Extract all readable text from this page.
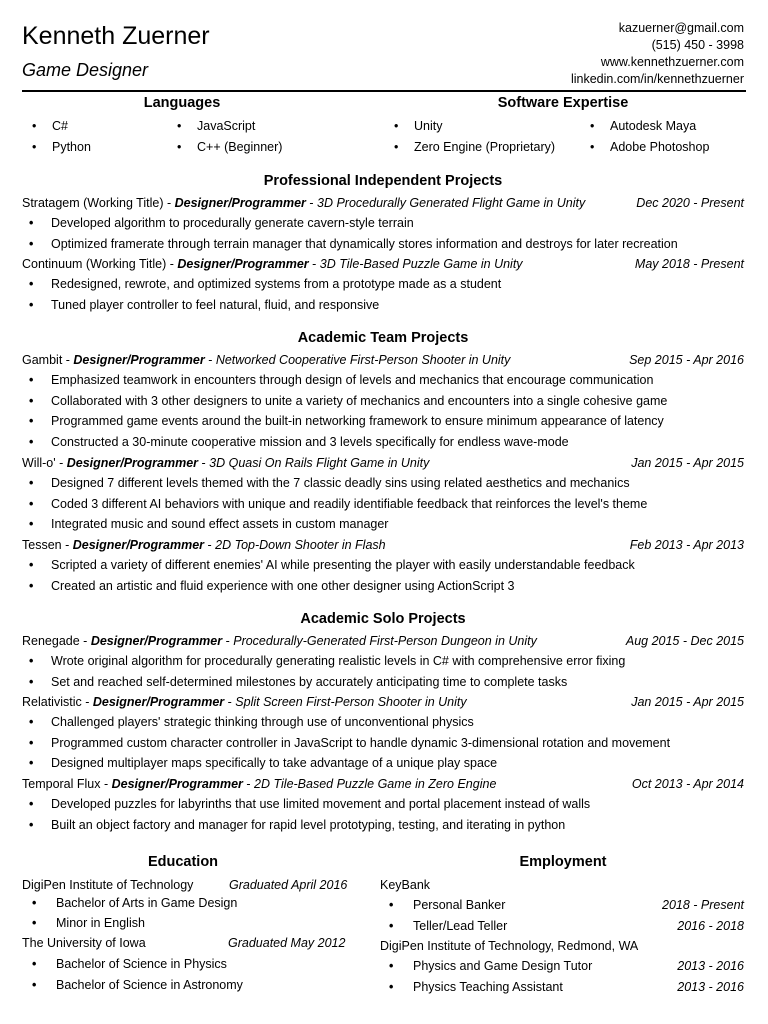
Kenneth Zuerner
Game Designer
kazuerner@gmail.com
(515) 450 - 3998
www.kennethzuerner.com
linkedin.com/in/kennethzuerner
Languages
• C#	• JavaScript
• Python	• C++ (Beginner)
Software Expertise
• Unity	• Autodesk Maya
• Zero Engine (Proprietary)	• Adobe Photoshop
Professional Independent Projects
Stratagem (Working Title) - Designer/Programmer - 3D Procedurally Generated Flight Game in Unity	Dec 2020 - Present
• Developed algorithm to procedurally generate cavern-style terrain
• Optimized framerate through terrain manager that dynamically stores information and destroys for later recreation
Continuum (Working Title) - Designer/Programmer - 3D Tile-Based Puzzle Game in Unity	May 2018 - Present
• Redesigned, rewrote, and optimized systems from a prototype made as a student
• Tuned player controller to feel natural, fluid, and responsive
Academic Team Projects
Gambit - Designer/Programmer - Networked Cooperative First-Person Shooter in Unity	Sep 2015 - Apr 2016
• Emphasized teamwork in encounters through design of levels and mechanics that encourage communication
• Collaborated with 3 other designers to unite a variety of mechanics and encounters into a single cohesive game
• Programmed game events around the built-in networking framework to ensure minimum appearance of latency
• Constructed a 30-minute cooperative mission and 3 levels specifically for endless wave-mode
Will-o' - Designer/Programmer - 3D Quasi On Rails Flight Game in Unity	Jan 2015 - Apr 2015
• Designed 7 different levels themed with the 7 classic deadly sins using related aesthetics and mechanics
• Coded 3 different AI behaviors with unique and readily identifiable feedback that reinforces the level's theme
• Integrated music and sound effect assets in custom manager
Tessen - Designer/Programmer - 2D Top-Down Shooter in Flash	Feb 2013 - Apr 2013
• Scripted a variety of different enemies' AI while presenting the player with easily understandable feedback
• Created an artistic and fluid experience with one other designer using ActionScript 3
Academic Solo Projects
Renegade - Designer/Programmer - Procedurally-Generated First-Person Dungeon in Unity	Aug 2015 - Dec 2015
• Wrote original algorithm for procedurally generating realistic levels in C# with comprehensive error fixing
• Set and reached self-determined milestones by accurately anticipating time to complete tasks
Relativistic - Designer/Programmer - Split Screen First-Person Shooter in Unity	Jan 2015 - Apr 2015
• Challenged players' strategic thinking through use of unconventional physics
• Programmed custom character controller in JavaScript to handle dynamic 3-dimensional rotation and movement
• Designed multiplayer maps specifically to take advantage of a unique play space
Temporal Flux - Designer/Programmer - 2D Tile-Based Puzzle Game in Zero Engine	Oct 2013 - Apr 2014
• Developed puzzles for labyrinths that use limited movement and portal placement instead of walls
• Built an object factory and manager for rapid level prototyping, testing, and iterating in python
Education
DigiPen Institute of Technology	Graduated April 2016
• Bachelor of Arts in Game Design
• Minor in English
The University of Iowa	Graduated May 2012
• Bachelor of Science in Physics
• Bachelor of Science in Astronomy
Employment
KeyBank
• Personal Banker	2018 - Present
• Teller/Lead Teller	2016 - 2018
DigiPen Institute of Technology, Redmond, WA
• Physics and Game Design Tutor	2013 - 2016
• Physics Teaching Assistant	2013 - 2016
